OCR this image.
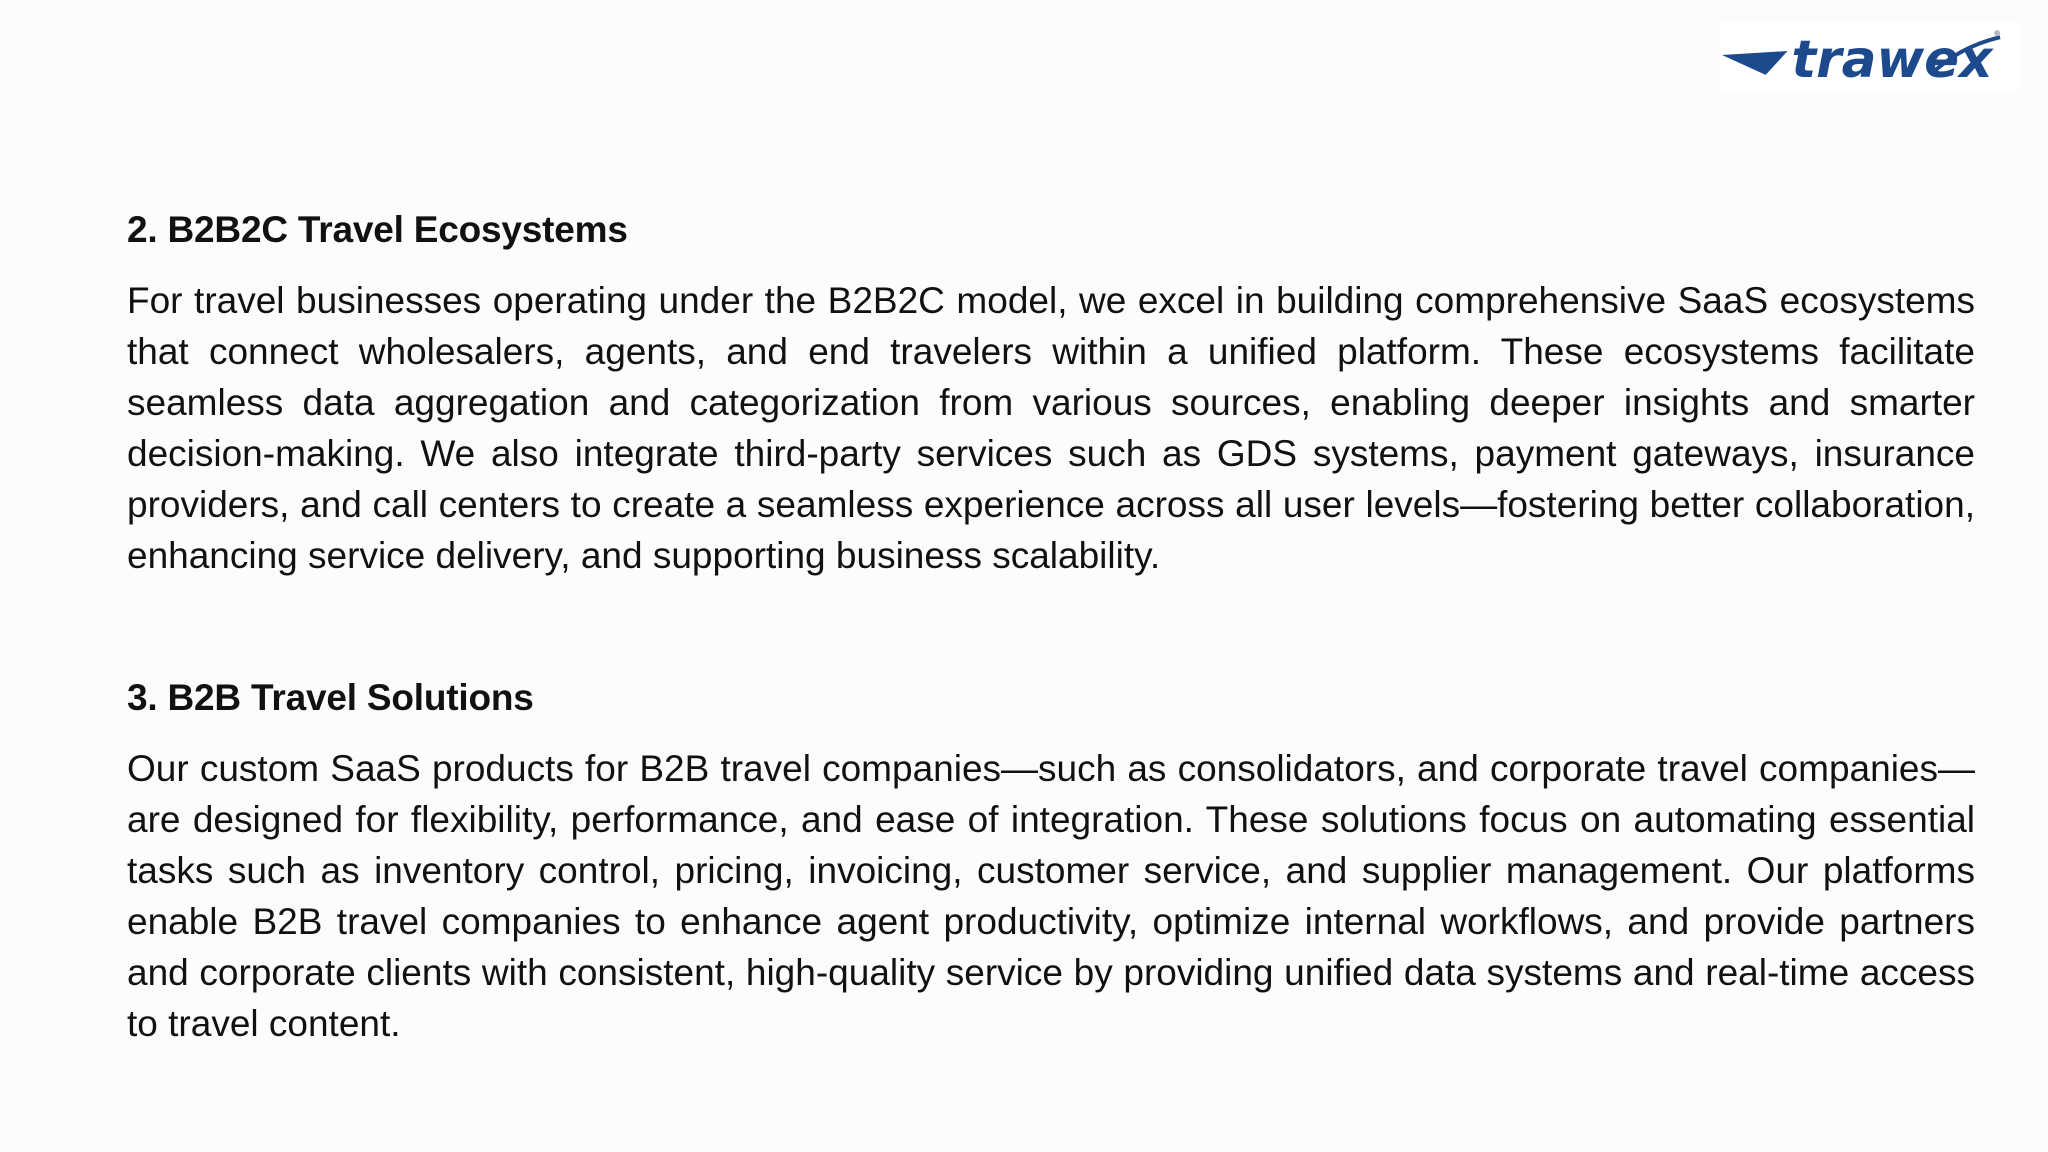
trawex
2. B2B2C Travel Ecosystems

For travel businesses operating under the B2B2C model, we excel in building comprehensive SaaS ecosystems that connect wholesalers, agents, and end travelers within a unified platform. These ecosystems facilitate seamless data aggregation and categorization from various sources, enabling deeper insights and smarter decision-making. We also integrate third-party services such as GDS systems, payment gateways, insurance providers, and call centers to create a seamless experience across all user levels—fostering better collaboration, enhancing service delivery, and supporting business scalability.

3. B2B Travel Solutions

Our custom SaaS products for B2B travel companies—such as consolidators, and corporate travel companies—are designed for flexibility, performance, and ease of integration. These solutions focus on automating essential tasks such as inventory control, pricing, invoicing, customer service, and supplier management. Our platforms enable B2B travel companies to enhance agent productivity, optimize internal workflows, and provide partners and corporate clients with consistent, high-quality service by providing unified data systems and real-time access to travel content.
